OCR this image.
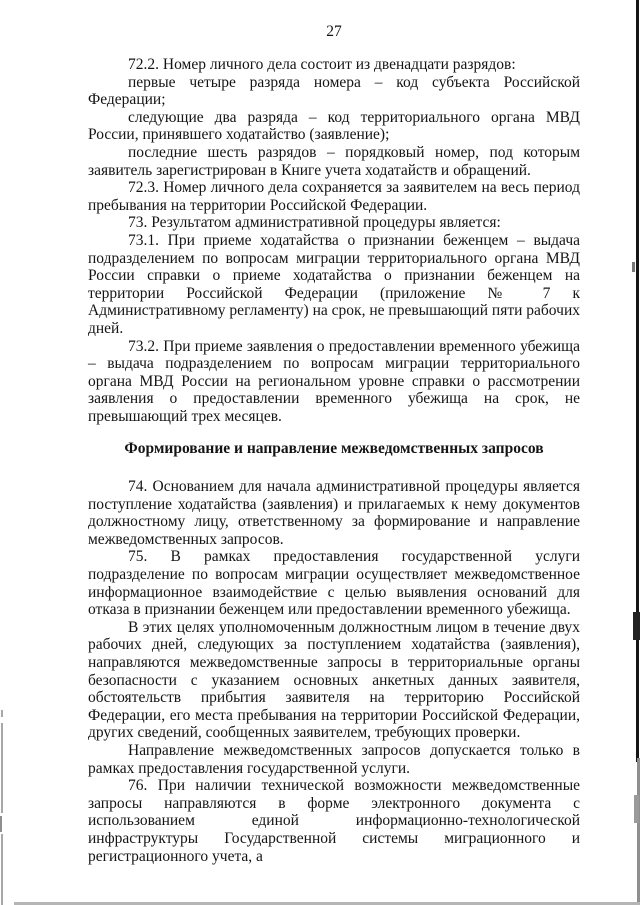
27

72.2. Номер личного дела состоит из двенадцати разрядов:

первые четыре разряда номера – код субъекта Российской Федерации;

следующие два разряда – код территориального органа МВД России, принявшего ходатайство (заявление);

последние шесть разрядов – порядковый номер, под которым заявитель зарегистрирован в Книге учета ходатайств и обращений.

72.3. Номер личного дела сохраняется за заявителем на весь период пребывания на территории Российской Федерации.

73. Результатом административной процедуры является:

73.1. При приеме ходатайства о признании беженцем – выдача подразделением по вопросам миграции территориального органа МВД России справки о приеме ходатайства о признании беженцем на территории Российской Федерации (приложение № 7 к Административному регламенту) на срок, не превышающий пяти рабочих дней.

73.2. При приеме заявления о предоставлении временного убежища – выдача подразделением по вопросам миграции территориального органа МВД России на региональном уровне справки о рассмотрении заявления о предоставлении временного убежища на срок, не превышающий трех месяцев.

Формирование и направление межведомственных запросов

74. Основанием для начала административной процедуры является поступление ходатайства (заявления) и прилагаемых к нему документов должностному лицу, ответственному за формирование и направление межведомственных запросов.

75. В рамках предоставления государственной услуги подразделение по вопросам миграции осуществляет межведомственное информационное взаимодействие с целью выявления оснований для отказа в признании беженцем или предоставлении временного убежища.

В этих целях уполномоченным должностным лицом в течение двух рабочих дней, следующих за поступлением ходатайства (заявления), направляются межведомственные запросы в территориальные органы безопасности с указанием основных анкетных данных заявителя, обстоятельств прибытия заявителя на территорию Российской Федерации, его места пребывания на территории Российской Федерации, других сведений, сообщенных заявителем, требующих проверки.

Направление межведомственных запросов допускается только в рамках предоставления государственной услуги.

76. При наличии технической возможности межведомственные запросы направляются в форме электронного документа с использованием единой информационно-технологической инфраструктуры Государственной системы миграционного и регистрационного учета, а
